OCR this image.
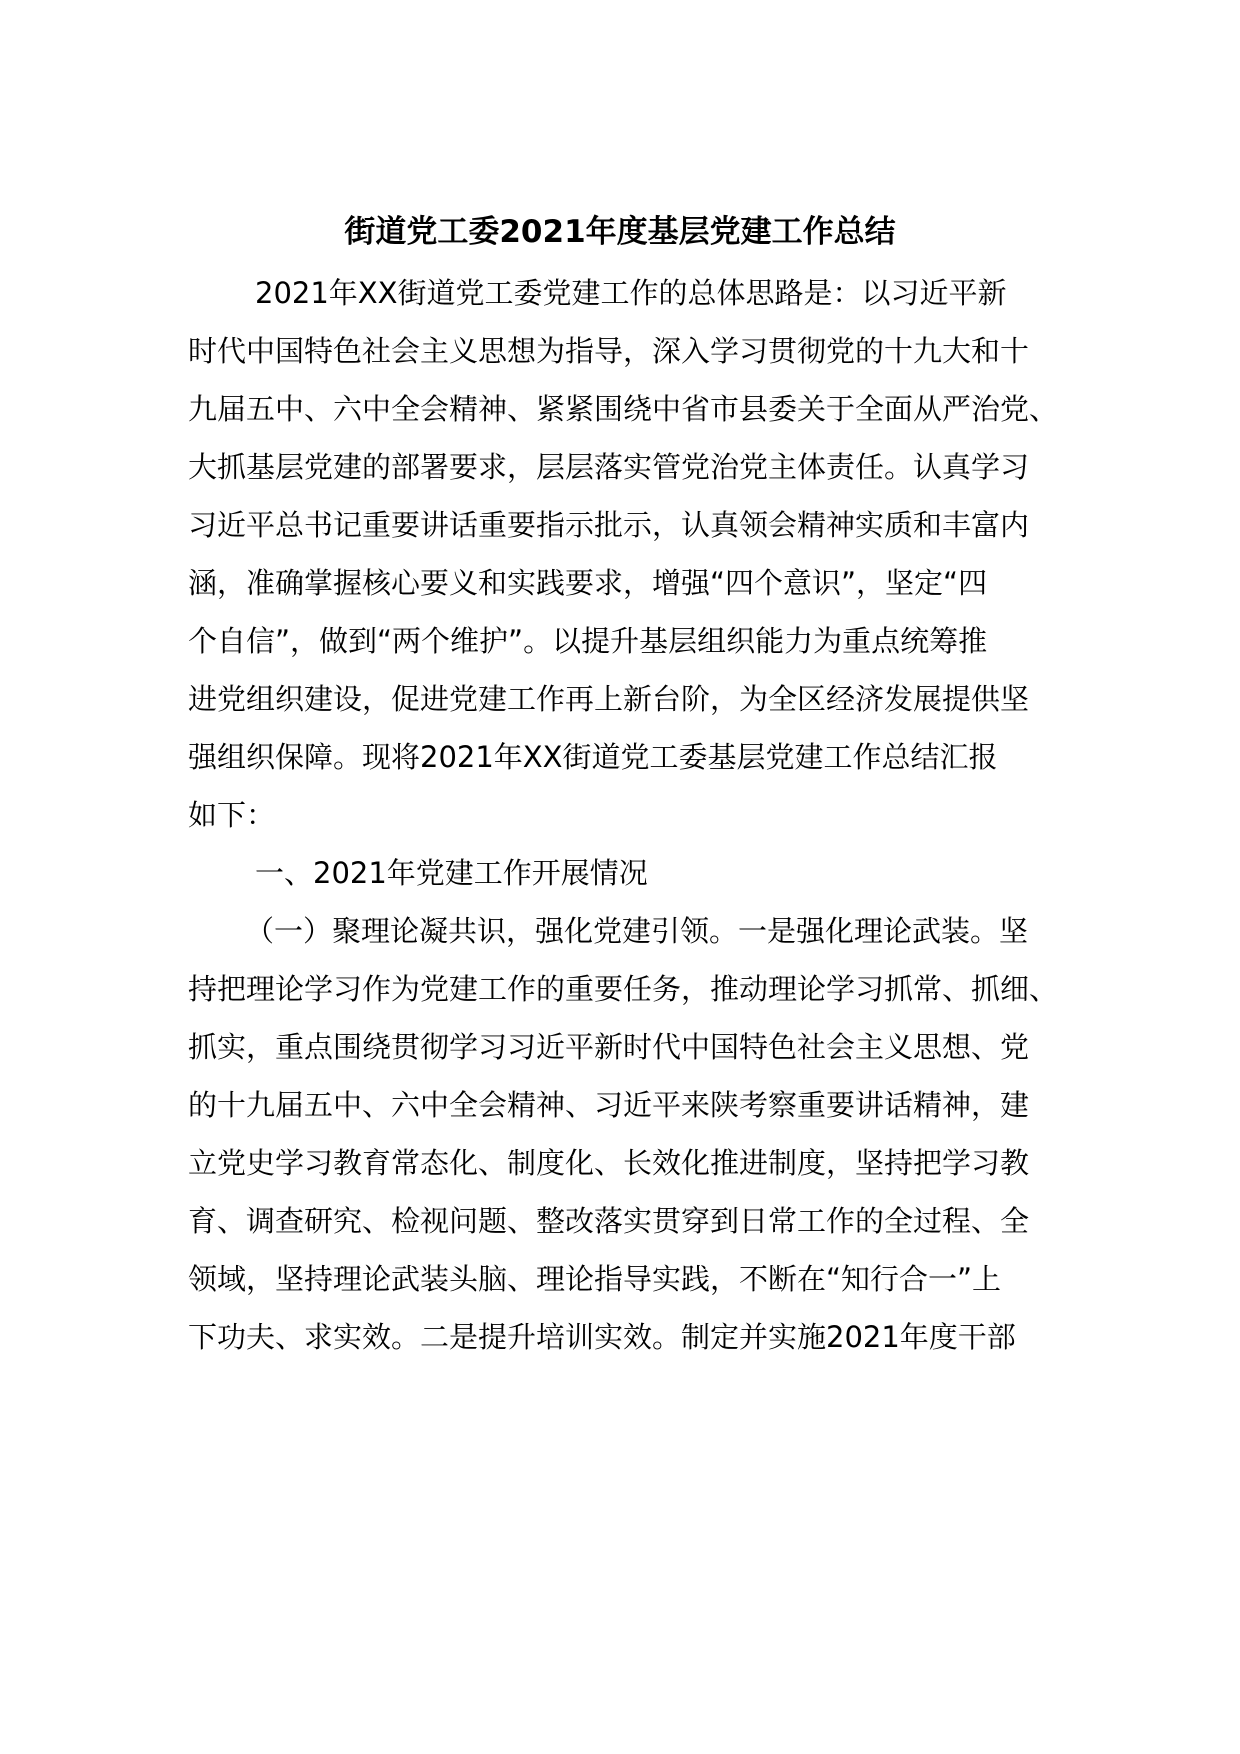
街道党工委2021年度基层党建工作总结
2021年XX街道党工委党建工作的总体思路是：以习近平新
时代中国特色社会主义思想为指导，深入学习贯彻党的十九大和十
九届五中、六中全会精神、紧紧围绕中省市县委关于全面从严治党、
大抓基层党建的部署要求，层层落实管党治党主体责任。认真学习
习近平总书记重要讲话重要指示批示，认真领会精神实质和丰富内
涵，准确掌握核心要义和实践要求，增强“四个意识”，坚定“四
个自信”，做到“两个维护”。以提升基层组织能力为重点统筹推
进党组织建设，促进党建工作再上新台阶，为全区经济发展提供坚
强组织保障。现将2021年XX街道党工委基层党建工作总结汇报
如下：
一、2021年党建工作开展情况
（一）聚理论凝共识，强化党建引领。一是强化理论武装。坚
持把理论学习作为党建工作的重要任务，推动理论学习抓常、抓细、
抓实，重点围绕贯彻学习习近平新时代中国特色社会主义思想、党
的十九届五中、六中全会精神、习近平来陕考察重要讲话精神，建
立党史学习教育常态化、制度化、长效化推进制度，坚持把学习教
育、调查研究、检视问题、整改落实贯穿到日常工作的全过程、全
领域，坚持理论武装头脑、理论指导实践，不断在“知行合一”上
下功夫、求实效。二是提升培训实效。制定并实施2021年度干部
